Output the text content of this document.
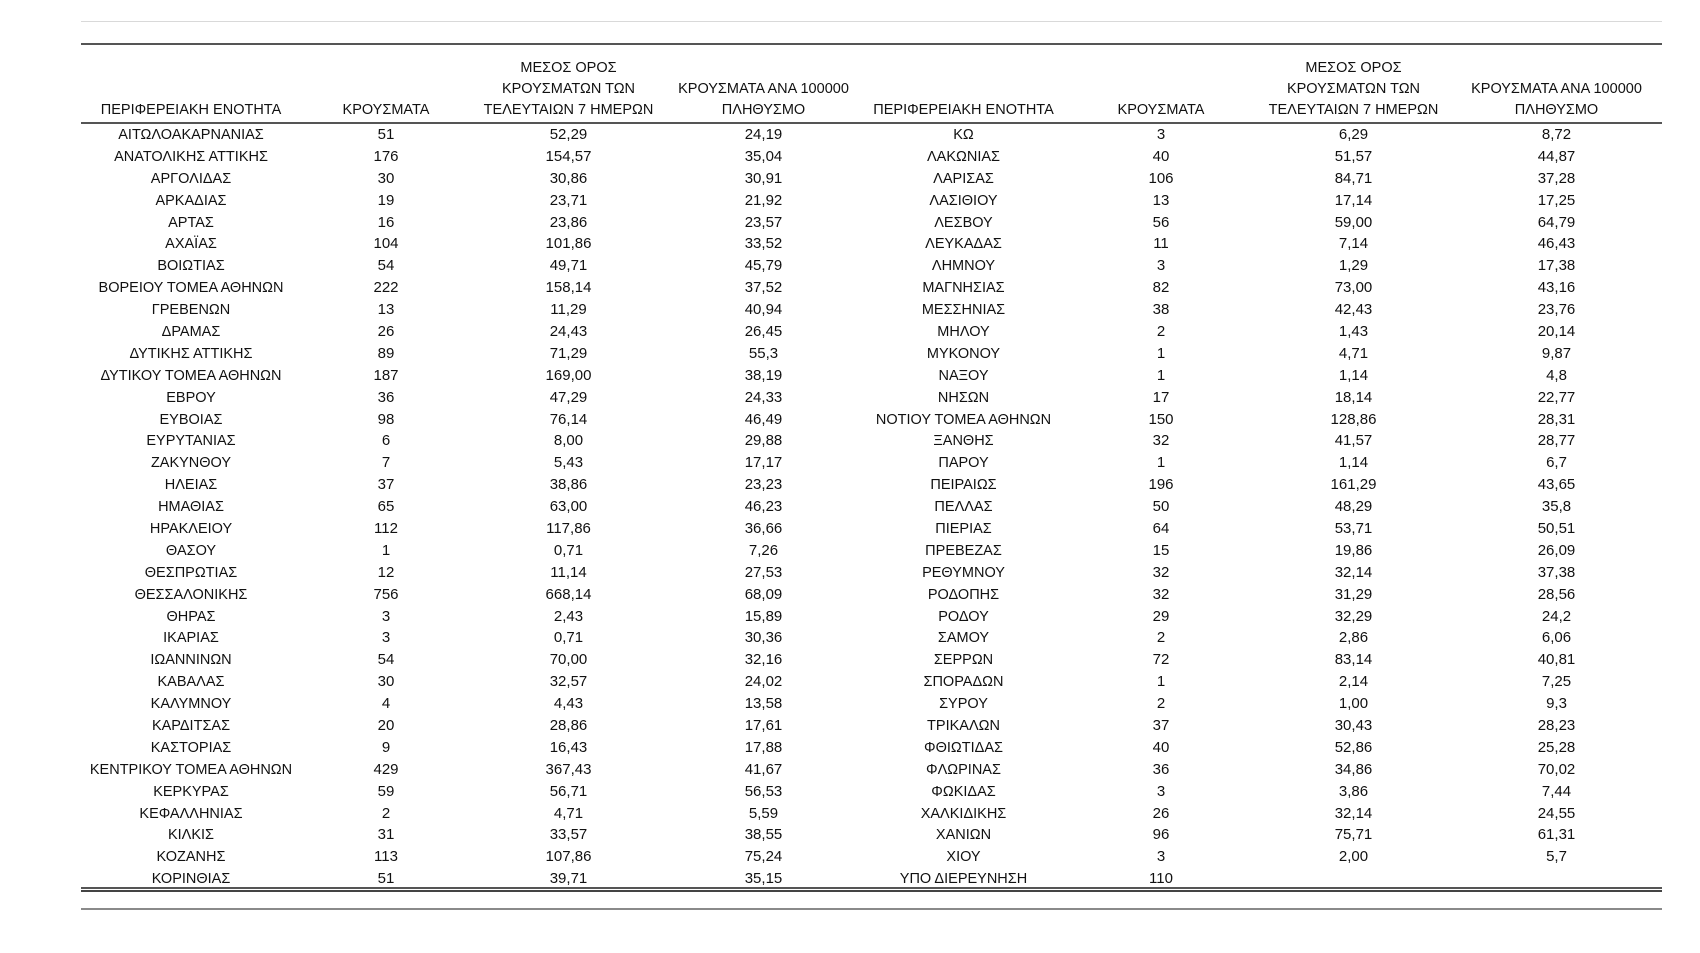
ΠΕΡΙΦΕΡΕΙΑΚΗ ΕΝΟΤΗΤΑ	ΚΡΟΥΣΜΑΤΑ	ΜΕΣΟΣ ΟΡΟΣ
ΚΡΟΥΣΜΑΤΩΝ ΤΩΝ
ΤΕΛΕΥΤΑΙΩΝ 7 ΗΜΕΡΩΝ	ΚΡΟΥΣΜΑΤΑ ΑΝΑ 100000
ΠΛΗΘΥΣΜΟ	ΠΕΡΙΦΕΡΕΙΑΚΗ ΕΝΟΤΗΤΑ	ΚΡΟΥΣΜΑΤΑ	ΜΕΣΟΣ ΟΡΟΣ
ΚΡΟΥΣΜΑΤΩΝ ΤΩΝ
ΤΕΛΕΥΤΑΙΩΝ 7 ΗΜΕΡΩΝ	ΚΡΟΥΣΜΑΤΑ ΑΝΑ 100000
ΠΛΗΘΥΣΜΟ

ΑΙΤΩΛΟΑΚΑΡΝΑΝΙΑΣ	51	52,29	24,19	ΚΩ	3	6,29	8,72
ΑΝΑΤΟΛΙΚΗΣ ΑΤΤΙΚΗΣ	176	154,57	35,04	ΛΑΚΩΝΙΑΣ	40	51,57	44,87
ΑΡΓΟΛΙΔΑΣ	30	30,86	30,91	ΛΑΡΙΣΑΣ	106	84,71	37,28
ΑΡΚΑΔΙΑΣ	19	23,71	21,92	ΛΑΣΙΘΙΟΥ	13	17,14	17,25
ΑΡΤΑΣ	16	23,86	23,57	ΛΕΣΒΟΥ	56	59,00	64,79
ΑΧΑΪΑΣ	104	101,86	33,52	ΛΕΥΚΑΔΑΣ	11	7,14	46,43
ΒΟΙΩΤΙΑΣ	54	49,71	45,79	ΛΗΜΝΟΥ	3	1,29	17,38
ΒΟΡΕΙΟΥ ΤΟΜΕΑ ΑΘΗΝΩΝ	222	158,14	37,52	ΜΑΓΝΗΣΙΑΣ	82	73,00	43,16
ΓΡΕΒΕΝΩΝ	13	11,29	40,94	ΜΕΣΣΗΝΙΑΣ	38	42,43	23,76
ΔΡΑΜΑΣ	26	24,43	26,45	ΜΗΛΟΥ	2	1,43	20,14
ΔΥΤΙΚΗΣ ΑΤΤΙΚΗΣ	89	71,29	55,3	ΜΥΚΟΝΟΥ	1	4,71	9,87
ΔΥΤΙΚΟΥ ΤΟΜΕΑ ΑΘΗΝΩΝ	187	169,00	38,19	ΝΑΞΟΥ	1	1,14	4,8
ΕΒΡΟΥ	36	47,29	24,33	ΝΗΣΩΝ	17	18,14	22,77
ΕΥΒΟΙΑΣ	98	76,14	46,49	ΝΟΤΙΟΥ ΤΟΜΕΑ ΑΘΗΝΩΝ	150	128,86	28,31
ΕΥΡΥΤΑΝΙΑΣ	6	8,00	29,88	ΞΑΝΘΗΣ	32	41,57	28,77
ΖΑΚΥΝΘΟΥ	7	5,43	17,17	ΠΑΡΟΥ	1	1,14	6,7
ΗΛΕΙΑΣ	37	38,86	23,23	ΠΕΙΡΑΙΩΣ	196	161,29	43,65
ΗΜΑΘΙΑΣ	65	63,00	46,23	ΠΕΛΛΑΣ	50	48,29	35,8
ΗΡΑΚΛΕΙΟΥ	112	117,86	36,66	ΠΙΕΡΙΑΣ	64	53,71	50,51
ΘΑΣΟΥ	1	0,71	7,26	ΠΡΕΒΕΖΑΣ	15	19,86	26,09
ΘΕΣΠΡΩΤΙΑΣ	12	11,14	27,53	ΡΕΘΥΜΝΟΥ	32	32,14	37,38
ΘΕΣΣΑΛΟΝΙΚΗΣ	756	668,14	68,09	ΡΟΔΟΠΗΣ	32	31,29	28,56
ΘΗΡΑΣ	3	2,43	15,89	ΡΟΔΟΥ	29	32,29	24,2
ΙΚΑΡΙΑΣ	3	0,71	30,36	ΣΑΜΟΥ	2	2,86	6,06
ΙΩΑΝΝΙΝΩΝ	54	70,00	32,16	ΣΕΡΡΩΝ	72	83,14	40,81
ΚΑΒΑΛΑΣ	30	32,57	24,02	ΣΠΟΡΑΔΩΝ	1	2,14	7,25
ΚΑΛΥΜΝΟΥ	4	4,43	13,58	ΣΥΡΟΥ	2	1,00	9,3
ΚΑΡΔΙΤΣΑΣ	20	28,86	17,61	ΤΡΙΚΑΛΩΝ	37	30,43	28,23
ΚΑΣΤΟΡΙΑΣ	9	16,43	17,88	ΦΘΙΩΤΙΔΑΣ	40	52,86	25,28
ΚΕΝΤΡΙΚΟΥ ΤΟΜΕΑ ΑΘΗΝΩΝ	429	367,43	41,67	ΦΛΩΡΙΝΑΣ	36	34,86	70,02
ΚΕΡΚΥΡΑΣ	59	56,71	56,53	ΦΩΚΙΔΑΣ	3	3,86	7,44
ΚΕΦΑΛΛΗΝΙΑΣ	2	4,71	5,59	ΧΑΛΚΙΔΙΚΗΣ	26	32,14	24,55
ΚΙΛΚΙΣ	31	33,57	38,55	ΧΑΝΙΩΝ	96	75,71	61,31
ΚΟΖΑΝΗΣ	113	107,86	75,24	ΧΙΟΥ	3	2,00	5,7
ΚΟΡΙΝΘΙΑΣ	51	39,71	35,15	ΥΠΟ ΔΙΕΡΕΥΝΗΣΗ	110		
